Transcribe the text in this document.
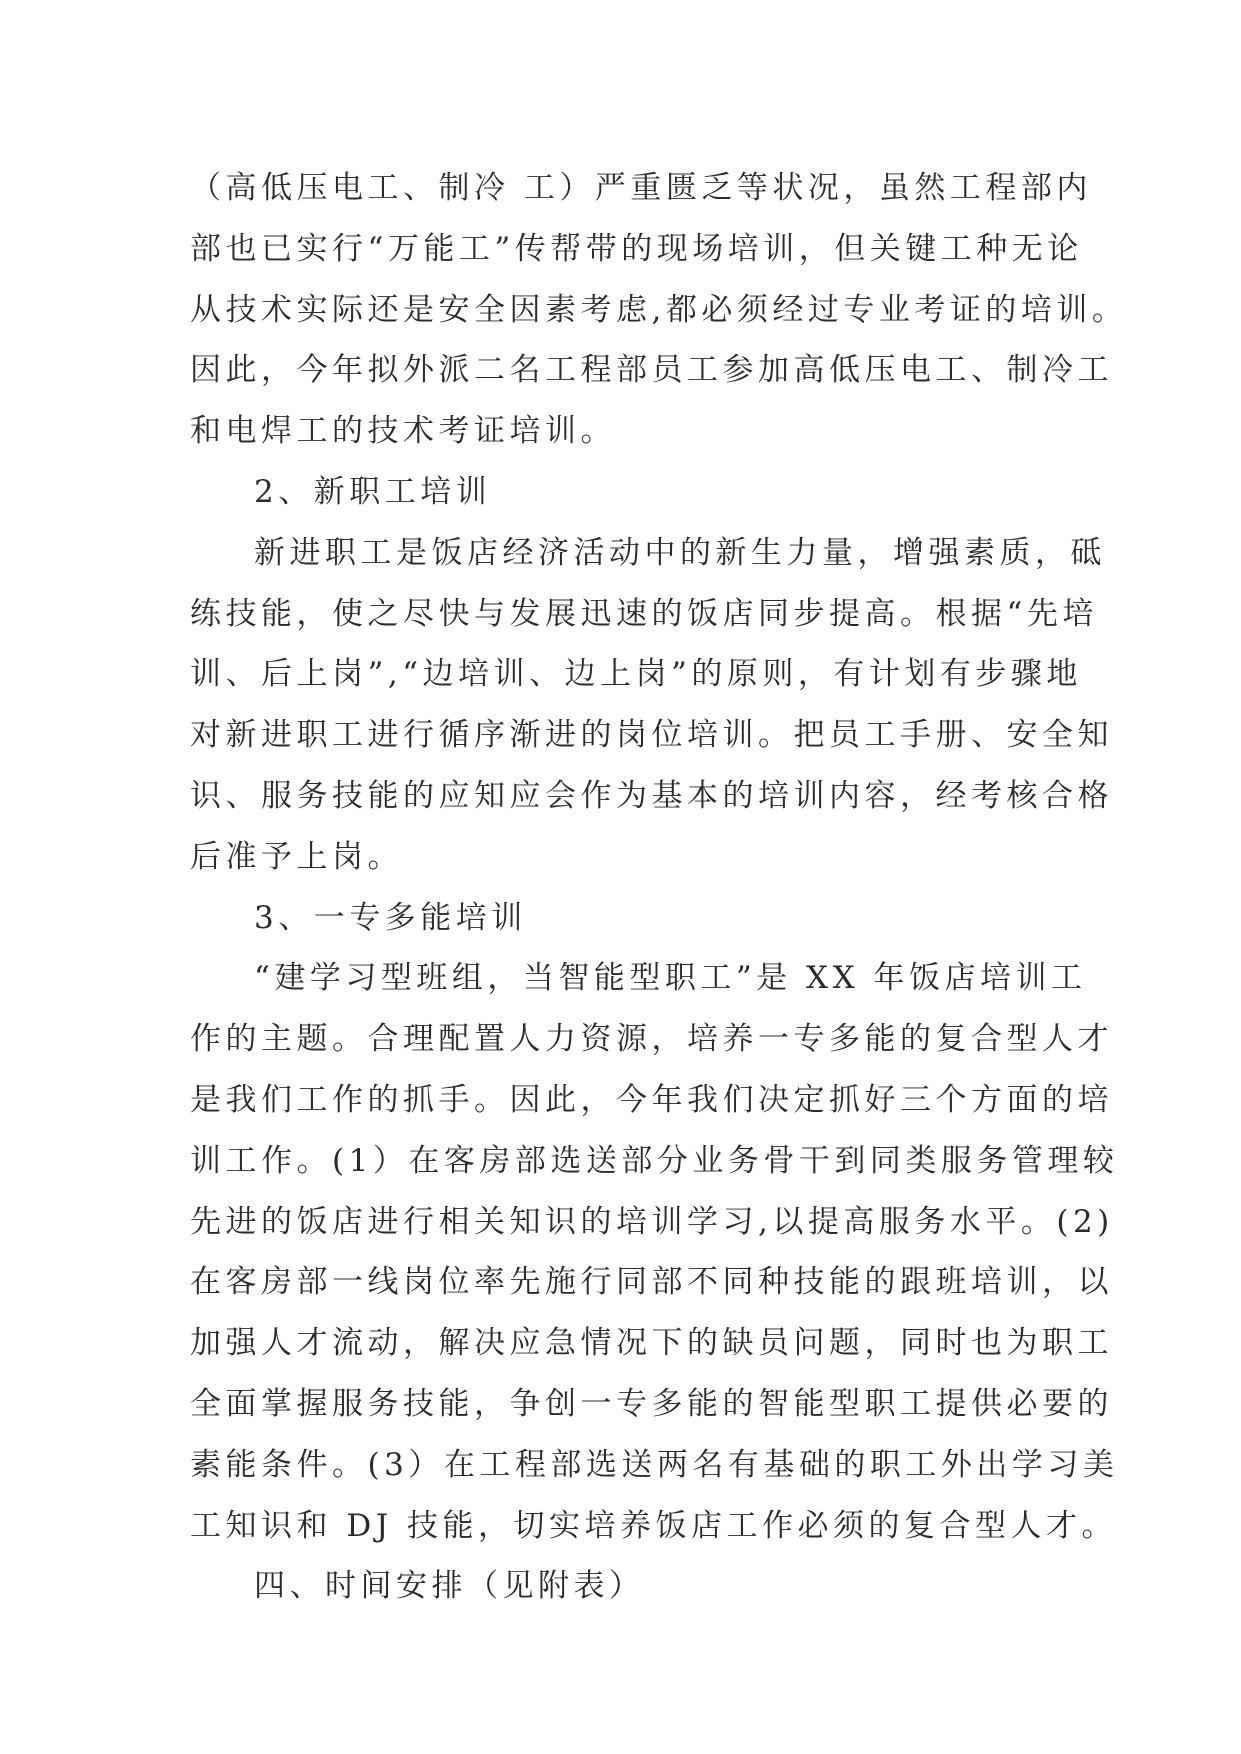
（高低压电工、制冷 工）严重匮乏等状况，虽然工程部内
部也已实行“万能工”传帮带的现场培训，但关键工种无论
从技术实际还是安全因素考虑,都必须经过专业考证的培训。
因此，今年拟外派二名工程部员工参加高低压电工、制冷工
和电焊工的技术考证培训。
2、新职工培训
新进职工是饭店经济活动中的新生力量，增强素质，砥
练技能，使之尽快与发展迅速的饭店同步提高。根据“先培
训、后上岗”,“边培训、边上岗”的原则，有计划有步骤地
对新进职工进行循序渐进的岗位培训。把员工手册、安全知
识、服务技能的应知应会作为基本的培训内容，经考核合格
后准予上岗。
3、一专多能培训
“建学习型班组，当智能型职工”是 XX 年饭店培训工
作的主题。合理配置人力资源，培养一专多能的复合型人才
是我们工作的抓手。因此，今年我们决定抓好三个方面的培
训工作。(1）在客房部选送部分业务骨干到同类服务管理较
先进的饭店进行相关知识的培训学习,以提高服务水平。(2)
在客房部一线岗位率先施行同部不同种技能的跟班培训，以
加强人才流动，解决应急情况下的缺员问题，同时也为职工
全面掌握服务技能，争创一专多能的智能型职工提供必要的
素能条件。(3）在工程部选送两名有基础的职工外出学习美
工知识和 DJ 技能，切实培养饭店工作必须的复合型人才。
四、时间安排（见附表）
